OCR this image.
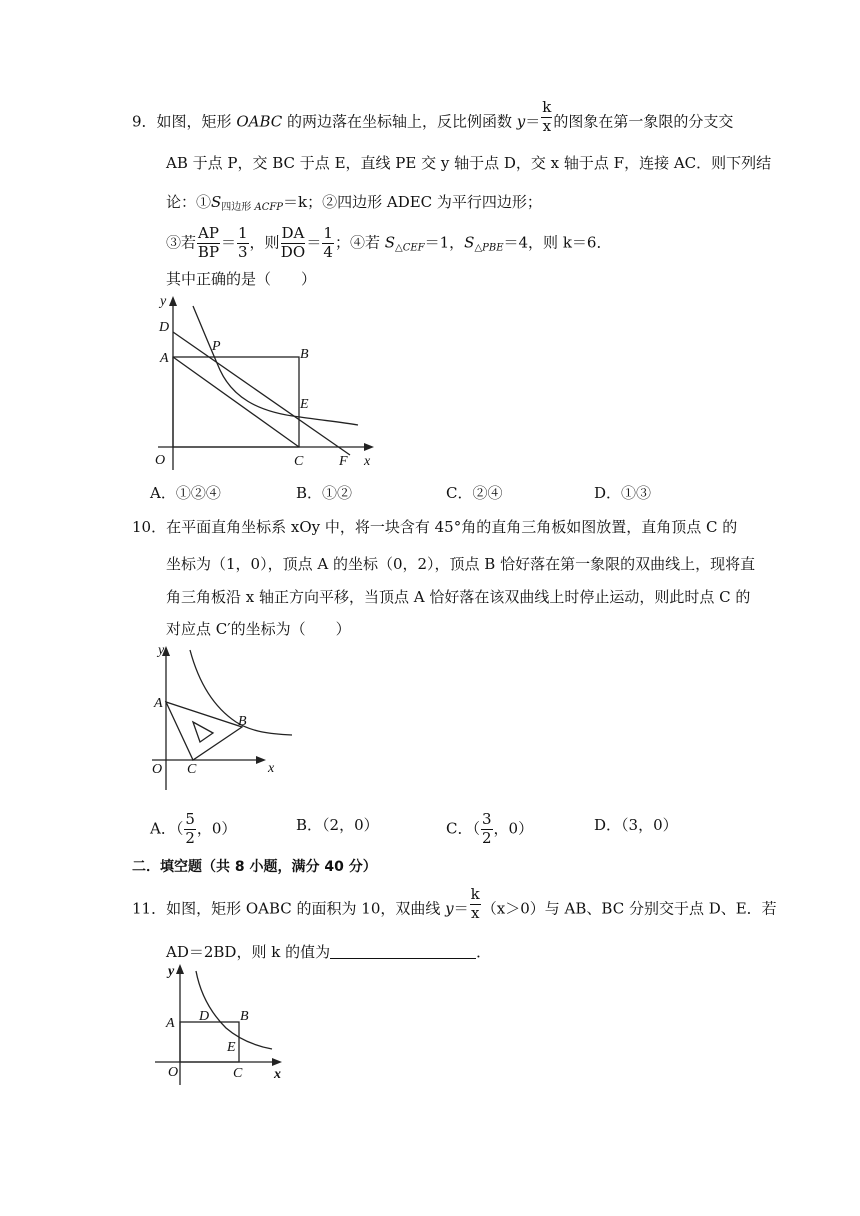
9．如图，矩形 OABC 的两边落在坐标轴上，反比例函数 $y= \frac{k}{x}$ 的图象在第一象限的分支交
AB 于点 P，交 BC 于点 E，直线 PE 交 y 轴于点 D，交 x 轴于点 F，连接 AC．则下列结
论：$①S_{四边形}$ $_{ACFP}$＝k；②四边形 ADEC 为平行四边形；
③若 $\frac{AP}{BP} = \frac{1}{3}$ ，则 $\frac{DA}{DO} = \frac{1}{4}$ ；④若 $S_{\triangle CEF}=1$，$S_{\triangle PBE}=4$，则 k＝6．
其中正确的是（　　）
y
D
A
P
B
E
O	C	F x
y
A
B
O C	x
y
A D B
E
O	C x
A．①②④	B．①②	C．②④	D．①③
10．在平面直角坐标系 xOy 中，将一块含有 45°角的直角三角板如图放置，直角顶点 C 的
坐标为（1，0），顶点 A 的坐标（0，2），顶点 B 恰好落在第一象限的双曲线上，现将直
角三角板沿 x 轴正方向平移，当顶点 A 恰好落在该双曲线上时停止运动，则此时点 C 的
对应点 C′的坐标为（　　）
A．（ $\frac{5}{2}$ ，0）	B．（2，0）	C．（ $\frac{3}{2}$ ，0）	D．（3，0）
二．填空题（共 8 小题，满分 40 分）
11．如图，矩形 OABC 的面积为 10，双曲线 $y= \frac{k}{x} (x>0)$与 AB、BC 分别交于点 D、E．若
AD＝2BD，则 k 的值为	．
